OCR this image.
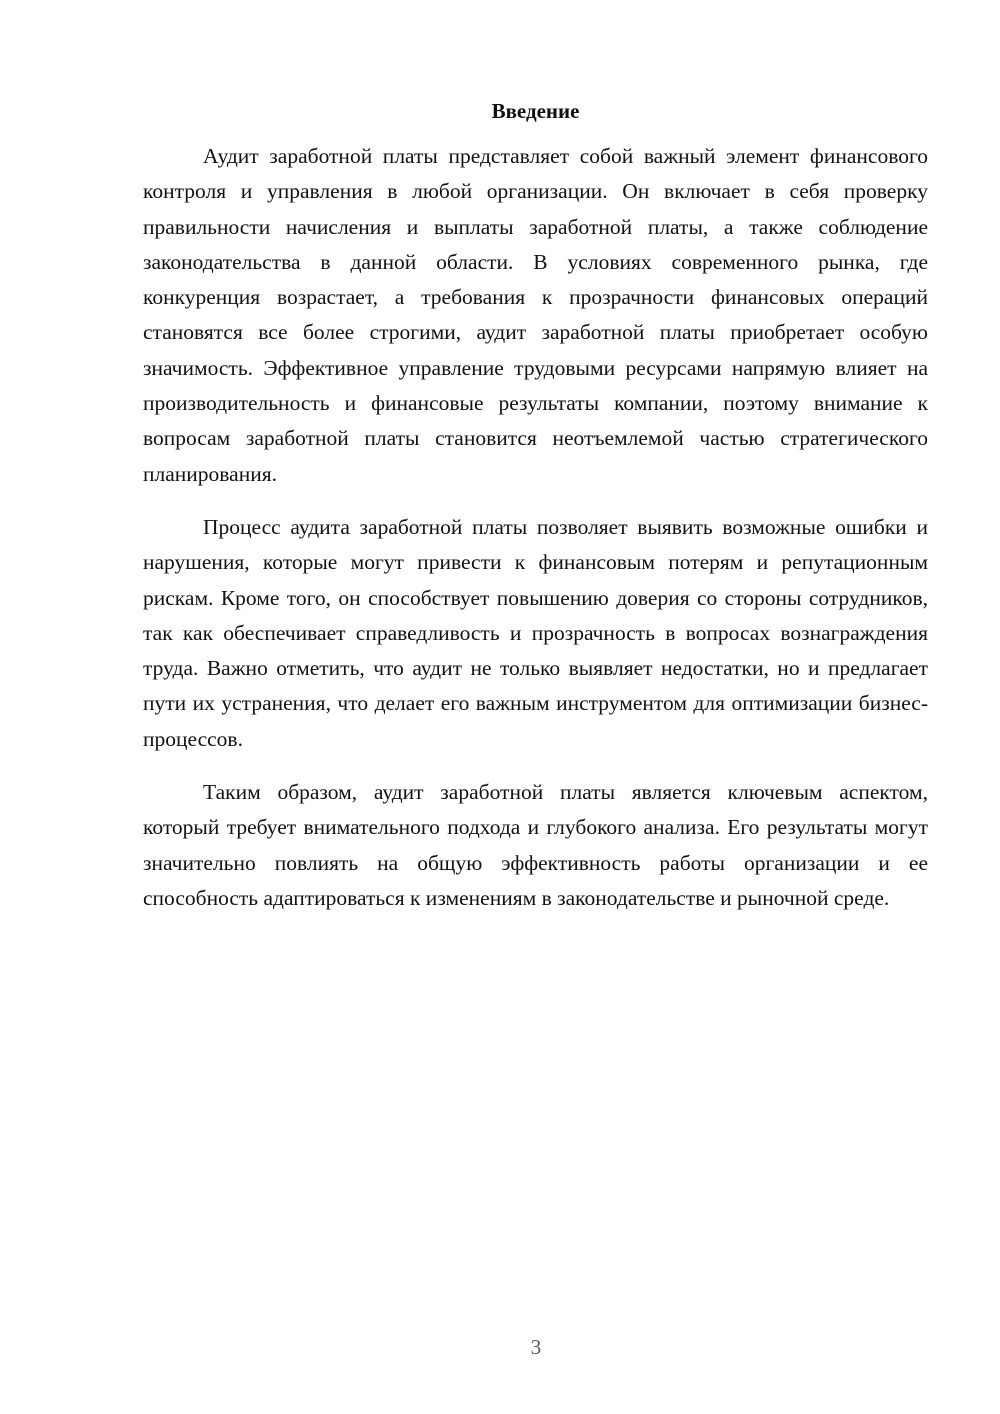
Введение

Аудит заработной платы представляет собой важный элемент финансового контроля и управления в любой организации. Он включает в себя проверку правильности начисления и выплаты заработной платы, а также соблюдение законодательства в данной области. В условиях современного рынка, где конкуренция возрастает, а требования к прозрачности финансовых операций становятся все более строгими, аудит заработной платы приобретает особую значимость. Эффективное управление трудовыми ресурсами напрямую влияет на производительность и финансовые результаты компании, поэтому внимание к вопросам заработной платы становится неотъемлемой частью стратегического планирования.

Процесс аудита заработной платы позволяет выявить возможные ошибки и нарушения, которые могут привести к финансовым потерям и репутационным рискам. Кроме того, он способствует повышению доверия со стороны сотрудников, так как обеспечивает справедливость и прозрачность в вопросах вознаграждения труда. Важно отметить, что аудит не только выявляет недостатки, но и предлагает пути их устранения, что делает его важным инструментом для оптимизации бизнес-процессов.

Таким образом, аудит заработной платы является ключевым аспектом, который требует внимательного подхода и глубокого анализа. Его результаты могут значительно повлиять на общую эффективность работы организации и ее способность адаптироваться к изменениям в законодательстве и рыночной среде.

3
